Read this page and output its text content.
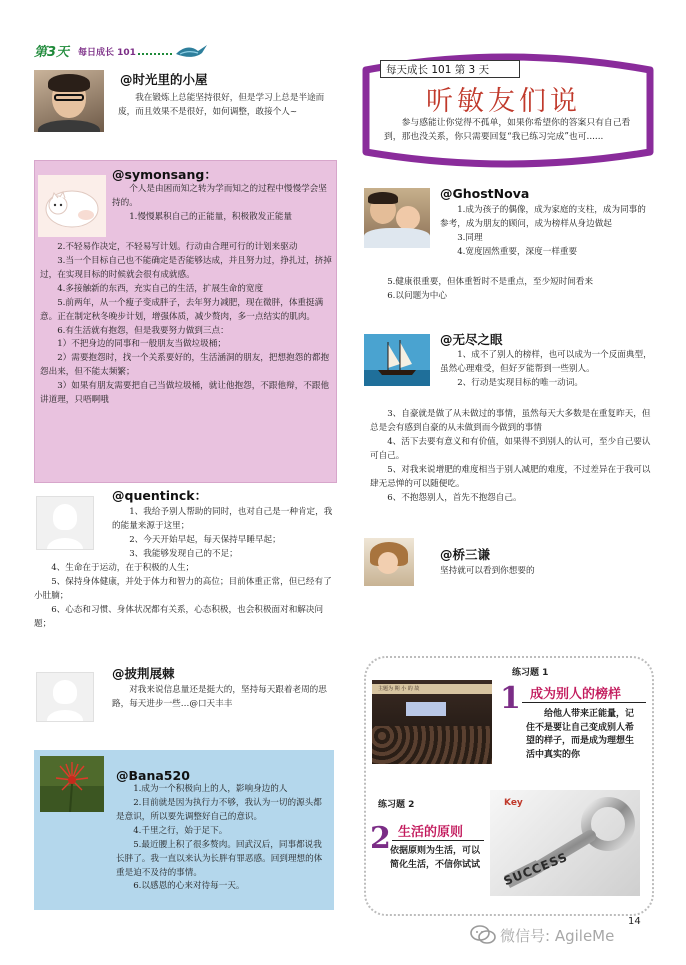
第3天 每日成长 101
@时光里的小屋

我在锻炼上总能坚持很好，但是学习上总是半途而废，而且效果不是很好，如何调整，敢接个人~

@symonsang：

个人是由困而知之转为学而知之的过程中慢慢学会坚持的。

1.慢慢累积自己的正能量，积极散发正能量

2.不轻易作决定，不轻易写计划。行动由合理可行的计划来驱动

3.当一个目标自己也不能确定是否能够达成，并且努力过，挣扎过，挤掉过，在实现目标的时候就会很有成就感。

4.多接触新的东西，充实自己的生活，扩展生命的宽度

5.前两年，从一个瘦子变成胖子，去年努力减肥，现在微胖，体重挺满意。正在制定秋冬晚步计划，增强体质，减少赘肉，多一点结实的肌肉。

6.有生活就有抱怨，但是我要努力做到三点：

1）不把身边的同事和一般朋友当做垃圾桶；

2）需要抱怨时，找一个关系要好的，生活涵洞的朋友，把想抱怨的都抱怨出来，但不能太频繁；

3）如果有朋友需要把自己当做垃圾桶，就让他抱怨，不跟他辩，不跟他讲道理，只唔啊哦

@quentinck：

1、我给予别人帮助的同时，也对自己是一种肯定，我的能量来源于这里；

2、今天开始早起，每天保持早睡早起；

3、我能够发现自己的不足；

4、生命在于运动，在于积极的人生；

5、保持身体健康，并处于体力和智力的高位；目前体重正常，但已经有了小肚腩；

6、心态和习惯、身体状况都有关系，心态积极，也会积极面对和解决问题；

@披荆展棘

对我来说信息量还是挺大的，坚持每天跟着老周的思路，每天进步一些…@口天丰丰

@Bana520

1.成为一个积极向上的人，影响身边的人

2.目前就是因为执行力不够，我认为一切的源头都是意识，所以要先调整好自己的意识。

4.千里之行，始于足下。

5.最近腰上积了很多赘肉。回武汉后，同事都说我长胖了。我一直以来认为长胖有罪恶感。回到理想的体重是迫不及待的事情。

6.以感恩的心来对待每一天。

每天成长 101 第 3 天
听敏友们说

参与感能让你觉得不孤单，如果你希望你的答案只有自己看到，那也没关系，你只需要回复“我已练习完成”也可......

@GhostNova

1.成为孩子的偶像，成为家庭的支柱，成为同事的参考，成为朋友的顾问，成为榜样从身边做起

3.同理

4.宽度固然重要，深度一样重要

5.健康很重要，但体重暂时不是重点，至少短时间看来

6.以问题为中心

@无尽之眼

1、成不了别人的榜样，也可以成为一个反面典型，虽然心理难受，但好歹能帮到一些别人。

2、行动是实现目标的唯一动词。

3、自豪就是做了从未做过的事情，虽然每天大多数是在重复昨天，但总是会有感到自豪的从未做到而今做到的事情

4、活下去要有意义和有价值，如果得不到别人的认可，至少自己要认可自己。

5、对我来说增肥的难度相当于别人减肥的难度，不过差异在于我可以肆无忌惮的可以随便吃。

6、不抱怨别人，首先不抱怨自己。

@桥三谦

坚持就可以看到你想要的

练习题 1
主题为 期 小 的 故	1 成为别人的榜样

给他人带来正能量，记住不是要让自己变成别人希望的样子，而是成为理想生活中真实的你

练习题 2
2 生活的原则

依据原则为生活，可以简化生活，不信你试试

Key
SUCCESS
14
微信号: AgileMe
